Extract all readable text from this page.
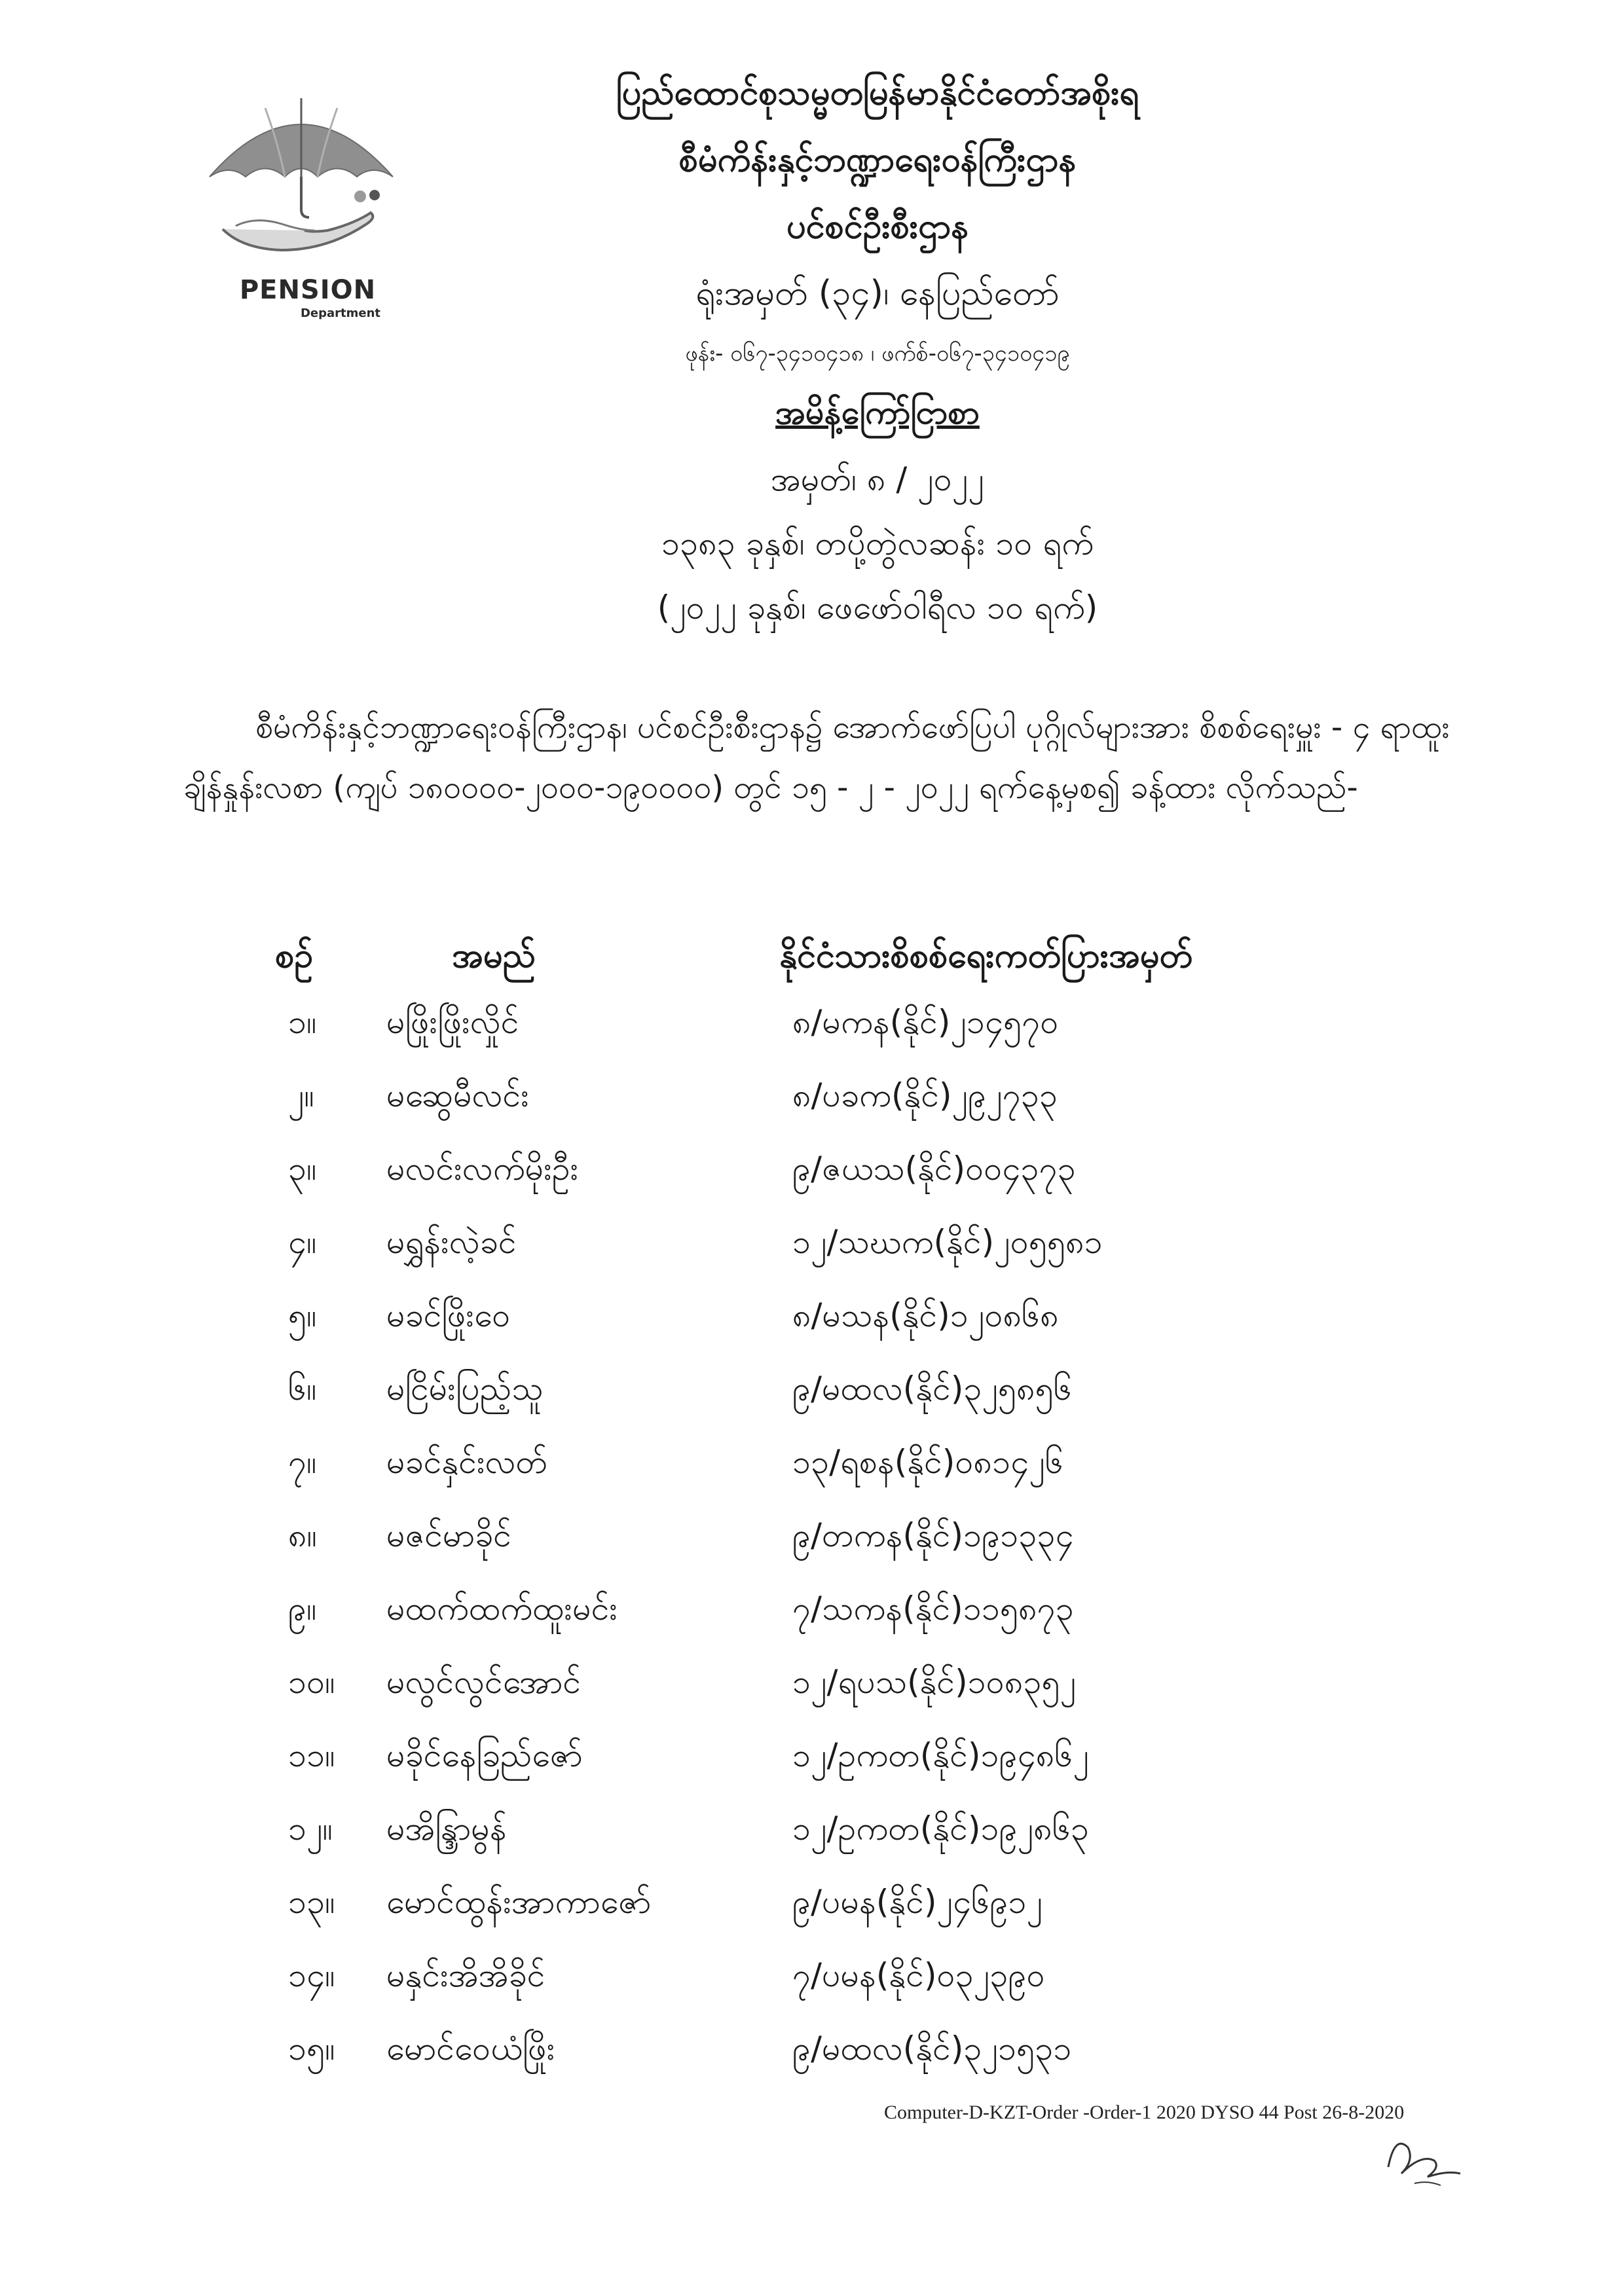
PENSION
Department
ပြည်ထောင်စုသမ္မတမြန်မာနိုင်ငံတော်အစိုးရ
စီမံကိန်းနှင့်ဘဏ္ဍာရေးဝန်ကြီးဌာန
ပင်စင်ဦးစီးဌာန
ရုံးအမှတ် (၃၄)၊ နေပြည်တော်
ဖုန်း- ၀၆၇-၃၄၁၀၄၁၈ ၊ ဖက်စ်-၀၆၇-၃၄၁၀၄၁၉
အမိန့်ကြော်ငြာစာ
အမှတ်၊ ၈ / ၂၀၂၂
၁၃၈၃ ခုနှစ်၊ တပို့တွဲလဆန်း ၁၀ ရက်
(၂၀၂၂ ခုနှစ်၊ ဖေဖော်ဝါရီလ ၁၀ ရက်)
စီမံကိန်းနှင့်ဘဏ္ဍာရေးဝန်ကြီးဌာန၊ ပင်စင်ဦးစီးဌာန၌ အောက်ဖော်ပြပါ ပုဂ္ဂိုလ်များအား စိစစ်ရေးမှူး - ၄ ရာထူး ချိန်နှုန်းလစာ (ကျပ် ၁၈၀၀၀၀-၂၀၀၀-၁၉၀၀၀၀) တွင် ၁၅ - ၂ - ၂၀၂၂ ရက်နေ့မှစ၍ ခန့်ထား လိုက်သည်-
စဉ်	အမည်	နိုင်ငံသားစိစစ်ရေးကတ်ပြားအမှတ်
၁။	မဖြိုးဖြိုးလှိုင်	၈/မကန(နိုင်)၂၁၄၅၇၀
၂။	မဆွေမီလင်း	၈/ပခက(နိုင်)၂၉၂၇၃၃
၃။	မလင်းလက်မိုးဦး	၉/ဇယသ(နိုင်)၀၀၄၃၇၃
၄။	မရွှန်းလဲ့ခင်	၁၂/သဃက(နိုင်)၂၀၅၅၈၁
၅။	မခင်ဖြိုးဝေ	၈/မသန(နိုင်)၁၂၀၈၆၈
၆။	မငြိမ်းပြည့်သူ	၉/မထလ(နိုင်)၃၂၅၈၅၆
၇။	မခင်နှင်းလတ်	၁၃/ရစန(နိုင်)၀၈၁၄၂၆
၈။	မဇင်မာခိုင်	၉/တကန(နိုင်)၁၉၁၃၃၄
၉။	မထက်ထက်ထူးမင်း	၇/သကန(နိုင်)၁၁၅၈၇၃
၁၀။	မလွင်လွင်အောင်	၁၂/ရပသ(နိုင်)၁၀၈၃၅၂
၁၁။	မခိုင်နေခြည်ဇော်	၁၂/ဥကတ(နိုင်)၁၉၄၈၆၂
၁၂။	မအိန္ဒြာမွန်	၁၂/ဥကတ(နိုင်)၁၉၂၈၆၃
၁၃။	မောင်ထွန်းအာကာဇော်	၉/ပမန(နိုင်)၂၄၆၉၁၂
၁၄။	မနှင်းအိအိခိုင်	၇/ပမန(နိုင်)၀၃၂၃၉၀
၁၅။	မောင်ဝေယံဖြိုး	၉/မထလ(နိုင်)၃၂၁၅၃၁
Computer-D-KZT-Order -Order-1 2020 DYSO 44 Post 26-8-2020
